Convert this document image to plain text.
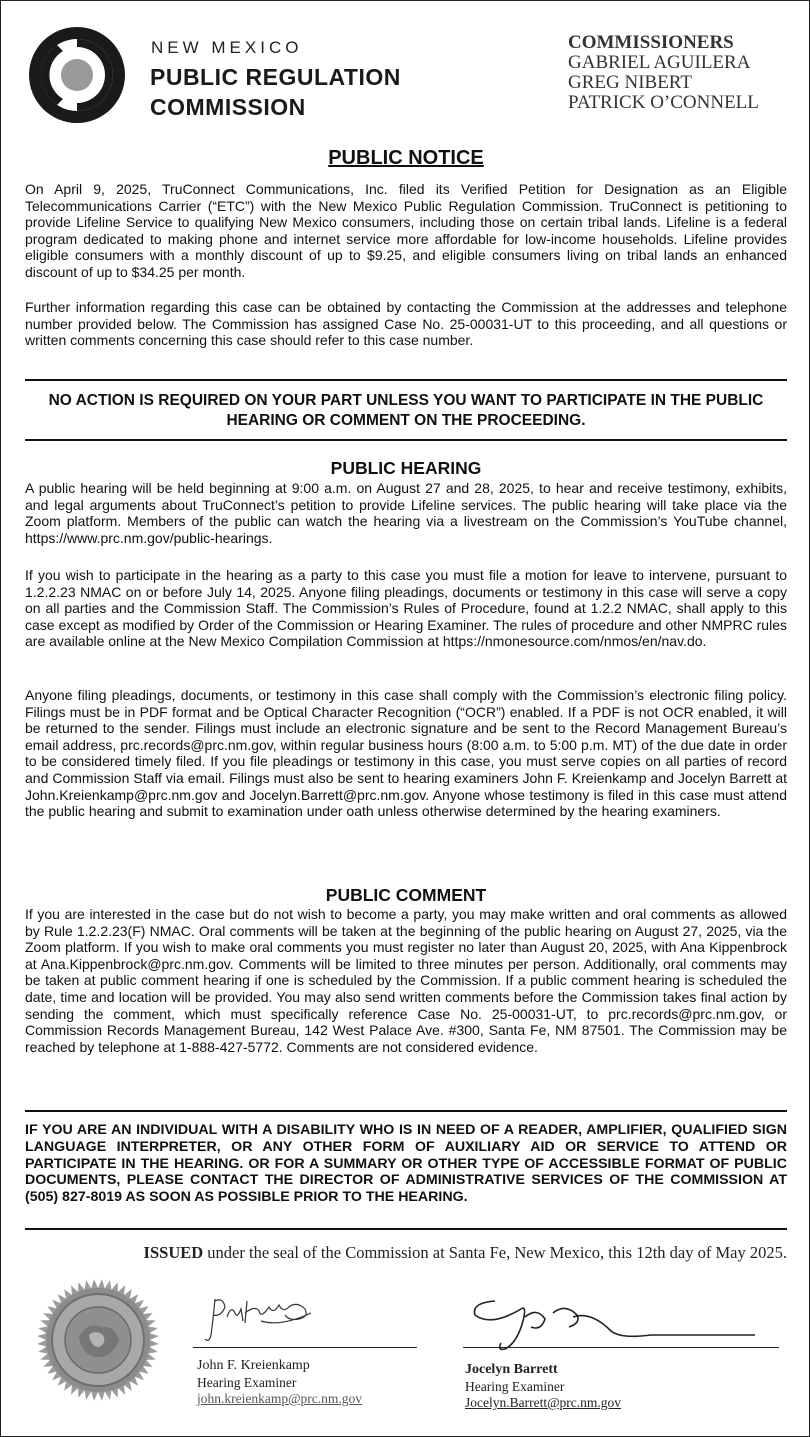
NEW MEXICO
PUBLIC REGULATION
COMMISSION
COMMISSIONERS
GABRIEL AGUILERA
GREG NIBERT
PATRICK O’CONNELL
PUBLIC NOTICE

On April 9, 2025, TruConnect Communications, Inc. filed its Verified Petition for Designation as an Eligible Telecommunications Carrier (“ETC”) with the New Mexico Public Regulation Commission. TruConnect is petitioning to provide Lifeline Service to qualifying New Mexico consumers, including those on certain tribal lands. Lifeline is a federal program dedicated to making phone and internet service more affordable for low-income households. Lifeline provides eligible consumers with a monthly discount of up to $9.25, and eligible consumers living on tribal lands an enhanced discount of up to $34.25 per month.

Further information regarding this case can be obtained by contacting the Commission at the addresses and telephone number provided below. The Commission has assigned Case No. 25-00031-UT to this proceeding, and all questions or written comments concerning this case should refer to this case number.

NO ACTION IS REQUIRED ON YOUR PART UNLESS YOU WANT TO PARTICIPATE IN THE PUBLIC HEARING OR COMMENT ON THE PROCEEDING.
PUBLIC HEARING

A public hearing will be held beginning at 9:00 a.m. on August 27 and 28, 2025, to hear and receive testimony, exhibits, and legal arguments about TruConnect’s petition to provide Lifeline services. The public hearing will take place via the Zoom platform. Members of the public can watch the hearing via a livestream on the Commission’s YouTube channel, https://www.prc.nm.gov/public-hearings.

If you wish to participate in the hearing as a party to this case you must file a motion for leave to intervene, pursuant to 1.2.2.23 NMAC on or before July 14, 2025. Anyone filing pleadings, documents or testimony in this case will serve a copy on all parties and the Commission Staff. The Commission’s Rules of Procedure, found at 1.2.2 NMAC, shall apply to this case except as modified by Order of the Commission or Hearing Examiner. The rules of procedure and other NMPRC rules are available online at the New Mexico Compilation Commission at https://nmonesource.com/nmos/en/nav.do.

Anyone filing pleadings, documents, or testimony in this case shall comply with the Commission’s electronic filing policy. Filings must be in PDF format and be Optical Character Recognition (“OCR”) enabled. If a PDF is not OCR enabled, it will be returned to the sender. Filings must include an electronic signature and be sent to the Record Management Bureau’s email address, prc.records@prc.nm.gov, within regular business hours (8:00 a.m. to 5:00 p.m. MT) of the due date in order to be considered timely filed. If you file pleadings or testimony in this case, you must serve copies on all parties of record and Commission Staff via email. Filings must also be sent to hearing examiners John F. Kreienkamp and Jocelyn Barrett at John.Kreienkamp@prc.nm.gov and Jocelyn.Barrett@prc.nm.gov. Anyone whose testimony is filed in this case must attend the public hearing and submit to examination under oath unless otherwise determined by the hearing examiners.

PUBLIC COMMENT

If you are interested in the case but do not wish to become a party, you may make written and oral comments as allowed by Rule 1.2.2.23(F) NMAC. Oral comments will be taken at the beginning of the public hearing on August 27, 2025, via the Zoom platform. If you wish to make oral comments you must register no later than August 20, 2025, with Ana Kippenbrock at Ana.Kippenbrock@prc.nm.gov. Comments will be limited to three minutes per person. Additionally, oral comments may be taken at public comment hearing if one is scheduled by the Commission. If a public comment hearing is scheduled the date, time and location will be provided. You may also send written comments before the Commission takes final action by sending the comment, which must specifically reference Case No. 25-00031-UT, to prc.records@prc.nm.gov, or Commission Records Management Bureau, 142 West Palace Ave. #300, Santa Fe, NM 87501. The Commission may be reached by telephone at 1-888-427-5772. Comments are not considered evidence.

IF YOU ARE AN INDIVIDUAL WITH A DISABILITY WHO IS IN NEED OF A READER, AMPLIFIER, QUALIFIED SIGN LANGUAGE INTERPRETER, OR ANY OTHER FORM OF AUXILIARY AID OR SERVICE TO ATTEND OR PARTICIPATE IN THE HEARING. OR FOR A SUMMARY OR OTHER TYPE OF ACCESSIBLE FORMAT OF PUBLIC DOCUMENTS, PLEASE CONTACT THE DIRECTOR OF ADMINISTRATIVE SERVICES OF THE COMMISSION AT (505) 827-8019 AS SOON AS POSSIBLE PRIOR TO THE HEARING.

ISSUED under the seal of the Commission at Santa Fe, New Mexico, this 12th day of May 2025.
John F. Kreienkamp
Hearing Examiner
john.kreienkamp@prc.nm.gov
Jocelyn Barrett
Hearing Examiner
Jocelyn.Barrett@prc.nm.gov
